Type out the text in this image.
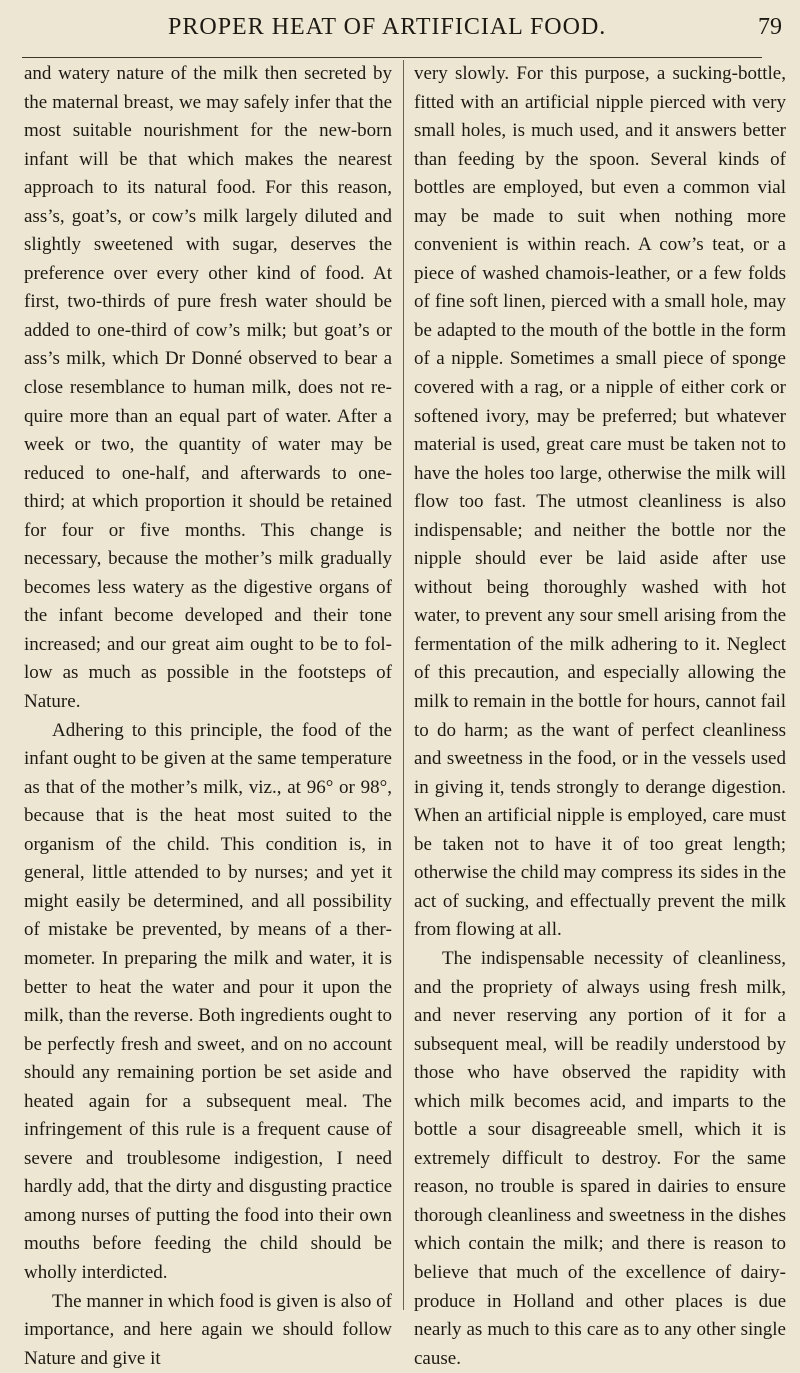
PROPER HEAT OF ARTIFICIAL FOOD.	79

and watery nature of the milk then secreted by the maternal breast, we may safely infer that the most suitable nourishment for the new-born infant will be that which makes the nearest approach to its natural food. For this reason, ass’s, goat’s, or cow’s milk largely diluted and slightly sweetened with sugar, deserves the preference over every other kind of food. At first, two-thirds of pure fresh water should be added to one-third of cow’s milk; but goat’s or ass’s milk, which Dr Donné observed to bear a close resemblance to human milk, does not require more than an equal part of water. After a week or two, the quantity of water may be reduced to one-half, and afterwards to one-third; at which proportion it should be retained for four or five months. This change is necessary, because the mother’s milk gradually becomes less watery as the digestive organs of the infant become developed and their tone increased; and our great aim ought to be to follow as much as possible in the footsteps of Nature.

Adhering to this principle, the food of the infant ought to be given at the same temperature as that of the mother’s milk, viz., at 96° or 98°, because that is the heat most suited to the organism of the child. This condition is, in general, little attended to by nurses; and yet it might easily be determined, and all possibility of mistake be prevented, by means of a thermometer. In preparing the milk and water, it is better to heat the water and pour it upon the milk, than the reverse. Both ingredients ought to be perfectly fresh and sweet, and on no account should any remaining portion be set aside and heated again for a subsequent meal. The infringement of this rule is a frequent cause of severe and troublesome indigestion, I need hardly add, that the dirty and disgusting practice among nurses of putting the food into their own mouths before feeding the child should be wholly interdicted.

The manner in which food is given is also of importance, and here again we should follow Nature and give it

very slowly. For this purpose, a sucking-bottle, fitted with an artificial nipple pierced with very small holes, is much used, and it answers better than feeding by the spoon. Several kinds of bottles are employed, but even a common vial may be made to suit when nothing more convenient is within reach. A cow’s teat, or a piece of washed chamois-leather, or a few folds of fine soft linen, pierced with a small hole, may be adapted to the mouth of the bottle in the form of a nipple. Sometimes a small piece of sponge covered with a rag, or a nipple of either cork or softened ivory, may be preferred; but whatever material is used, great care must be taken not to have the holes too large, otherwise the milk will flow too fast. The utmost cleanliness is also indispensable; and neither the bottle nor the nipple should ever be laid aside after use without being thoroughly washed with hot water, to prevent any sour smell arising from the fermentation of the milk adhering to it. Neglect of this precaution, and especially allowing the milk to remain in the bottle for hours, cannot fail to do harm; as the want of perfect cleanliness and sweetness in the food, or in the vessels used in giving it, tends strongly to derange digestion. When an artificial nipple is employed, care must be taken not to have it of too great length; otherwise the child may compress its sides in the act of sucking, and effectually prevent the milk from flowing at all.

The indispensable necessity of cleanliness, and the propriety of always using fresh milk, and never reserving any portion of it for a subsequent meal, will be readily understood by those who have observed the rapidity with which milk becomes acid, and imparts to the bottle a sour disagreeable smell, which it is extremely difficult to destroy. For the same reason, no trouble is spared in dairies to ensure thorough cleanliness and sweetness in the dishes which contain the milk; and there is reason to believe that much of the excellence of dairy-produce in Holland and other places is due nearly as much to this care as to any other single cause.
